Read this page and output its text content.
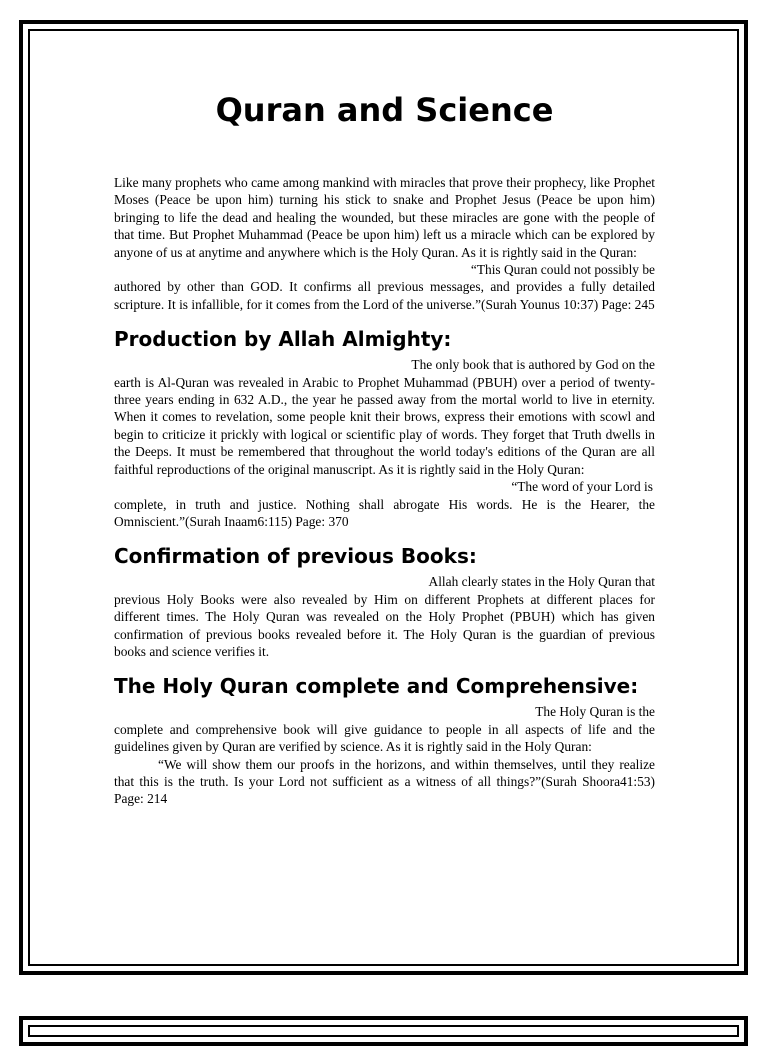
Quran and Science

Like many prophets who came among mankind with miracles that prove their prophecy, like Prophet Moses (Peace be upon him) turning his stick to snake and Prophet Jesus (Peace be upon him) bringing to life the dead and healing the wounded, but these miracles are gone with the people of that time. But Prophet Muhammad (Peace be upon him) left us a miracle which can be explored by anyone of us at anytime and anywhere which is the Holy Quran. As it is rightly said in the Quran:

“This Quran could not possibly be

authored by other than GOD. It confirms all previous messages, and provides a fully detailed scripture. It is infallible, for it comes from the Lord of the universe.”(Surah Younus 10:37) Page: 245

Production by Allah Almighty:
The only book that is authored by God on the

earth is Al-Quran was revealed in Arabic to Prophet Muhammad (PBUH) over a period of twenty-three years ending in 632 A.D., the year he passed away from the mortal world to live in eternity. When it comes to revelation, some people knit their brows, express their emotions with scowl and begin to criticize it prickly with logical or scientific play of words. They forget that Truth dwells in the Deeps. It must be remembered that throughout the world today's editions of the Quran are all faithful reproductions of the original manuscript. As it is rightly said in the Holy Quran:

“The word of your Lord is

complete, in truth and justice. Nothing shall abrogate His words. He is the Hearer, the Omniscient.”(Surah Inaam6:115) Page: 370

Confirmation of previous Books:
Allah clearly states in the Holy Quran that

previous Holy Books were also revealed by Him on different Prophets at different places for different times. The Holy Quran was revealed on the Holy Prophet (PBUH) which has given confirmation of previous books revealed before it. The Holy Quran is the guardian of previous books and science verifies it.

The Holy Quran complete and Comprehensive:
The Holy Quran is the

complete and comprehensive book will give guidance to people in all aspects of life and the guidelines given by Quran are verified by science. As it is rightly said in the Holy Quran:

“We will show them our proofs in the horizons, and within themselves, until they realize that this is the truth. Is your Lord not sufficient as a witness of all things?”(Surah Shoora41:53) Page: 214
